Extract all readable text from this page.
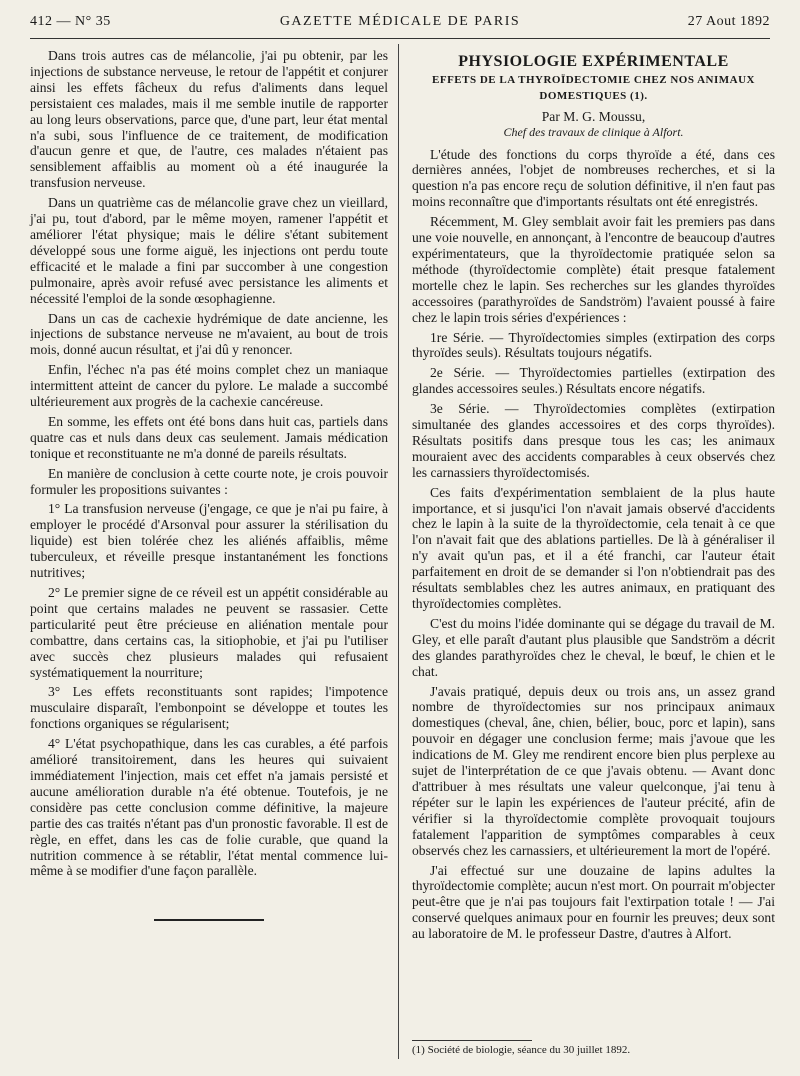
412 — N° 35	GAZETTE MÉDICALE DE PARIS	27 Aout 1892

Dans trois autres cas de mélancolie, j'ai pu obtenir, par les injections de substance nerveuse, le retour de l'appétit et conjurer ainsi les effets fâcheux du refus d'aliments dans lequel persistaient ces malades, mais il me semble inutile de rapporter au long leurs observations, parce que, d'une part, leur état mental n'a subi, sous l'influence de ce traitement, de modification d'aucun genre et que, de l'autre, ces malades n'étaient pas sensiblement affaiblis au moment où a été inaugurée la transfusion nerveuse.

Dans un quatrième cas de mélancolie grave chez un vieillard, j'ai pu, tout d'abord, par le même moyen, ramener l'appétit et améliorer l'état physique; mais le délire s'étant subitement développé sous une forme aiguë, les injections ont perdu toute efficacité et le malade a fini par succomber à une congestion pulmonaire, après avoir refusé avec persistance les aliments et nécessité l'emploi de la sonde œsophagienne.

Dans un cas de cachexie hydrémique de date ancienne, les injections de substance nerveuse ne m'avaient, au bout de trois mois, donné aucun résultat, et j'ai dû y renoncer.

Enfin, l'échec n'a pas été moins complet chez un maniaque intermittent atteint de cancer du pylore. Le malade a succombé ultérieurement aux progrès de la cachexie cancéreuse.

En somme, les effets ont été bons dans huit cas, partiels dans quatre cas et nuls dans deux cas seulement. Jamais médication tonique et reconstituante ne m'a donné de pareils résultats.

En manière de conclusion à cette courte note, je crois pouvoir formuler les propositions suivantes :

1° La transfusion nerveuse (j'engage, ce que je n'ai pu faire, à employer le procédé d'Arsonval pour assurer la stérilisation du liquide) est bien tolérée chez les aliénés affaiblis, même tuberculeux, et réveille presque instantanément les fonctions nutritives;

2° Le premier signe de ce réveil est un appétit considérable au point que certains malades ne peuvent se rassasier. Cette particularité peut être précieuse en aliénation mentale pour combattre, dans certains cas, la sitiophobie, et j'ai pu l'utiliser avec succès chez plusieurs malades qui refusaient systématiquement la nourriture;

3° Les effets reconstituants sont rapides; l'impotence musculaire disparaît, l'embonpoint se développe et toutes les fonctions organiques se régularisent;

4° L'état psychopathique, dans les cas curables, a été parfois amélioré transitoirement, dans les heures qui suivaient immédiatement l'injection, mais cet effet n'a jamais persisté et aucune amélioration durable n'a été obtenue. Toutefois, je ne considère pas cette conclusion comme définitive, la majeure partie des cas traités n'étant pas d'un pronostic favorable. Il est de règle, en effet, dans les cas de folie curable, que quand la nutrition commence à se rétablir, l'état mental commence lui-même à se modifier d'une façon parallèle.

PHYSIOLOGIE EXPÉRIMENTALE
EFFETS DE LA THYROÏDECTOMIE CHEZ NOS ANIMAUX DOMESTIQUES (1).
Par M. G. Moussu,
Chef des travaux de clinique à Alfort.

L'étude des fonctions du corps thyroïde a été, dans ces dernières années, l'objet de nombreuses recherches, et si la question n'a pas encore reçu de solution définitive, il n'en faut pas moins reconnaître que d'importants résultats ont été enregistrés.

Récemment, M. Gley semblait avoir fait les premiers pas dans une voie nouvelle, en annonçant, à l'encontre de beaucoup d'autres expérimentateurs, que la thyroïdectomie pratiquée selon sa méthode (thyroïdectomie complète) était presque fatalement mortelle chez le lapin. Ses recherches sur les glandes thyroïdes accessoires (parathyroïdes de Sandström) l'avaient poussé à faire chez le lapin trois séries d'expériences :

1re Série. — Thyroïdectomies simples (extirpation des corps thyroïdes seuls). Résultats toujours négatifs.

2e Série. — Thyroïdectomies partielles (extirpation des glandes accessoires seules.) Résultats encore négatifs.

3e Série. — Thyroïdectomies complètes (extirpation simultanée des glandes accessoires et des corps thyroïdes). Résultats positifs dans presque tous les cas; les animaux mouraient avec des accidents comparables à ceux observés chez les carnassiers thyroïdectomisés.

Ces faits d'expérimentation semblaient de la plus haute importance, et si jusqu'ici l'on n'avait jamais observé d'accidents chez le lapin à la suite de la thyroïdectomie, cela tenait à ce que l'on n'avait fait que des ablations partielles. De là à généraliser il n'y avait qu'un pas, et il a été franchi, car l'auteur était parfaitement en droit de se demander si l'on n'obtiendrait pas des résultats semblables chez les autres animaux, en pratiquant des thyroïdectomies complètes.

C'est du moins l'idée dominante qui se dégage du travail de M. Gley, et elle paraît d'autant plus plausible que Sandström a décrit des glandes parathyroïdes chez le cheval, le bœuf, le chien et le chat.

J'avais pratiqué, depuis deux ou trois ans, un assez grand nombre de thyroïdectomies sur nos principaux animaux domestiques (cheval, âne, chien, bélier, bouc, porc et lapin), sans pouvoir en dégager une conclusion ferme; mais j'avoue que les indications de M. Gley me rendirent encore bien plus perplexe au sujet de l'interprétation de ce que j'avais obtenu. — Avant donc d'attribuer à mes résultats une valeur quelconque, j'ai tenu à répéter sur le lapin les expériences de l'auteur précité, afin de vérifier si la thyroïdectomie complète provoquait toujours fatalement l'apparition de symptômes comparables à ceux observés chez les carnassiers, et ultérieurement la mort de l'opéré.

J'ai effectué sur une douzaine de lapins adultes la thyroïdectomie complète; aucun n'est mort. On pourrait m'objecter peut-être que je n'ai pas toujours fait l'extirpation totale ! — J'ai conservé quelques animaux pour en fournir les preuves; deux sont au laboratoire de M. le professeur Dastre, d'autres à Alfort.

(1) Société de biologie, séance du 30 juillet 1892.
